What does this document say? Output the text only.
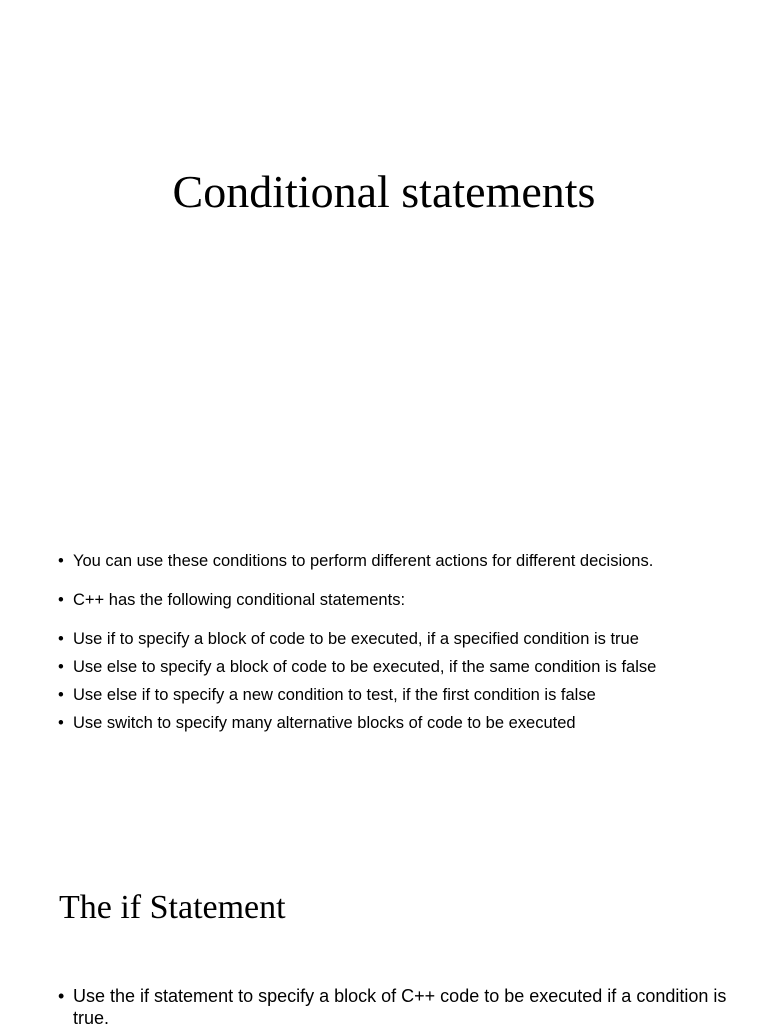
Conditional statements
• You can use these conditions to perform different actions for different decisions.
• C++ has the following conditional statements:
• Use if to specify a block of code to be executed, if a specified condition is true
• Use else to specify a block of code to be executed, if the same condition is false
• Use else if to specify a new condition to test, if the first condition is false
• Use switch to specify many alternative blocks of code to be executed
The if Statement
• Use the if statement to specify a block of C++ code to be executed if a condition is true.
